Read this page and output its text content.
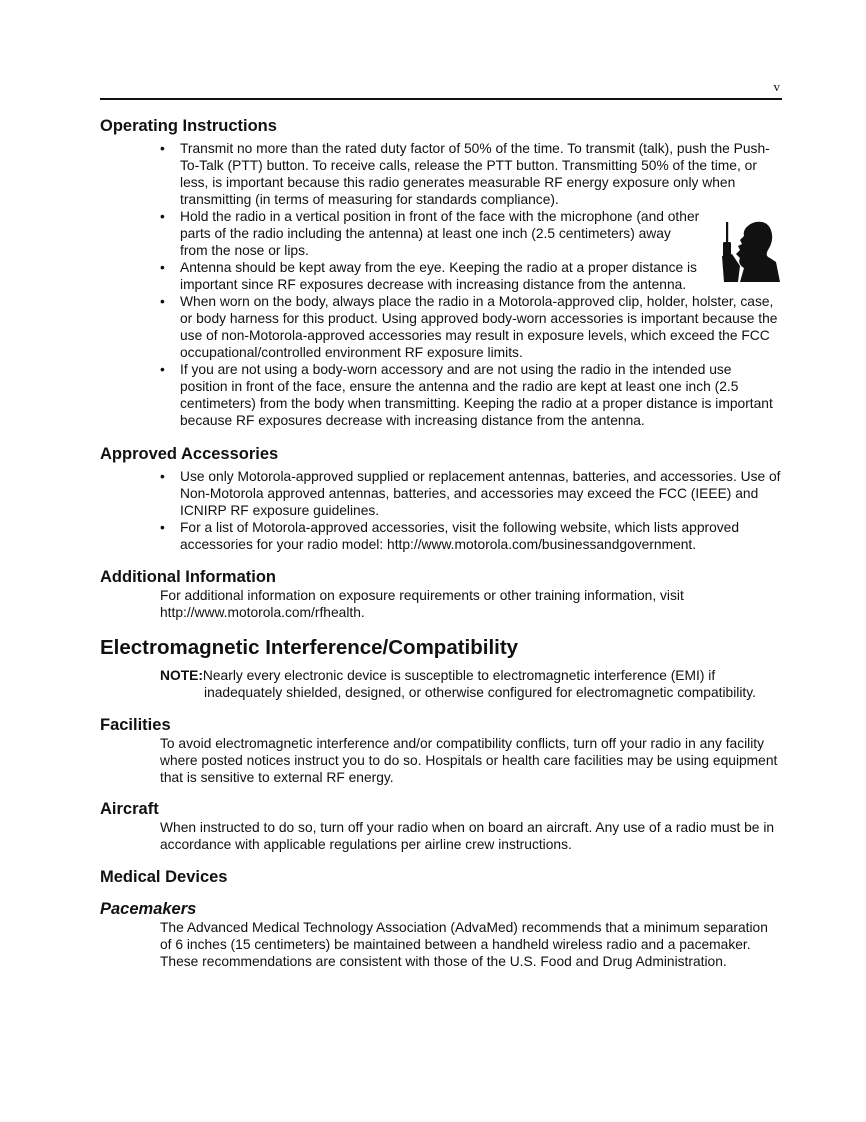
v
Operating Instructions
• Transmit no more than the rated duty factor of 50% of the time. To transmit (talk), push the Push-To-Talk (PTT) button. To receive calls, release the PTT button. Transmitting 50% of the time, or less, is important because this radio generates measurable RF energy exposure only when transmitting (in terms of measuring for standards compliance).
• Hold the radio in a vertical position in front of the face with the microphone (and other parts of the radio including the antenna) at least one inch (2.5 centimeters) away from the nose or lips.
• Antenna should be kept away from the eye. Keeping the radio at a proper distance is important since RF exposures decrease with increasing distance from the antenna.
• When worn on the body, always place the radio in a Motorola-approved clip, holder, holster, case, or body harness for this product. Using approved body-worn accessories is important because the use of non-Motorola-approved accessories may result in exposure levels, which exceed the FCC occupational/controlled environment RF exposure limits.
• If you are not using a body-worn accessory and are not using the radio in the intended use position in front of the face, ensure the antenna and the radio are kept at least one inch (2.5 centimeters) from the body when transmitting. Keeping the radio at a proper distance is important because RF exposures decrease with increasing distance from the antenna.
Approved Accessories
• Use only Motorola-approved supplied or replacement antennas, batteries, and accessories. Use of Non-Motorola approved antennas, batteries, and accessories may exceed the FCC (IEEE) and ICNIRP RF exposure guidelines.
• For a list of Motorola-approved accessories, visit the following website, which lists approved accessories for your radio model: http://www.motorola.com/businessandgovernment.
Additional Information

For additional information on exposure requirements or other training information, visit http://www.motorola.com/rfhealth.

Electromagnetic Interference/Compatibility
NOTE:Nearly every electronic device is susceptible to electromagnetic interference (EMI) if inadequately shielded, designed, or otherwise configured for electromagnetic compatibility.
Facilities

To avoid electromagnetic interference and/or compatibility conflicts, turn off your radio in any facility where posted notices instruct you to do so. Hospitals or health care facilities may be using equipment that is sensitive to external RF energy.

Aircraft

When instructed to do so, turn off your radio when on board an aircraft. Any use of a radio must be in accordance with applicable regulations per airline crew instructions.

Medical Devices
Pacemakers

The Advanced Medical Technology Association (AdvaMed) recommends that a minimum separation of 6 inches (15 centimeters) be maintained between a handheld wireless radio and a pacemaker. These recommendations are consistent with those of the U.S. Food and Drug Administration.
